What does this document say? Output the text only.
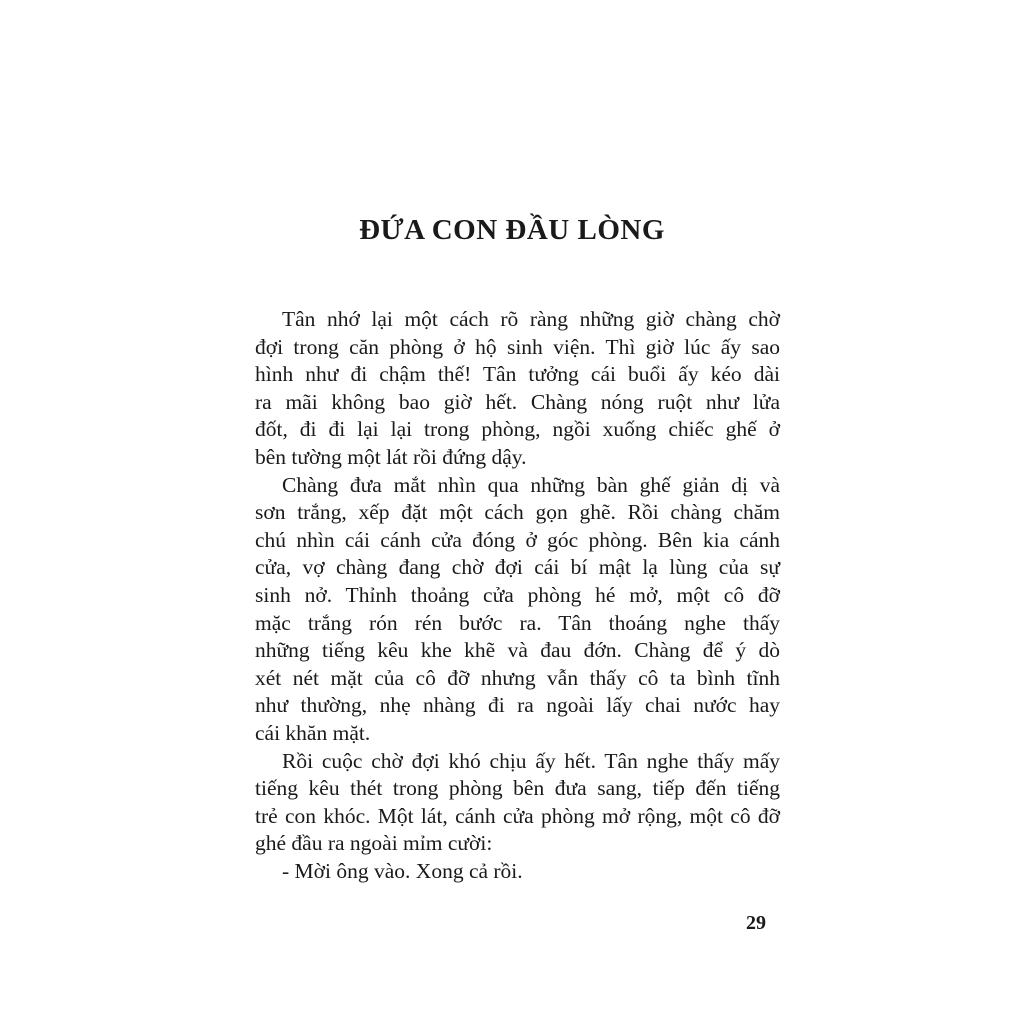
ĐỨA CON ĐẦU LÒNG

Tân nhớ lại một cách rõ ràng những giờ chàng chờ
đợi trong căn phòng ở hộ sinh viện. Thì giờ lúc ấy sao
hình như đi chậm thế! Tân tưởng cái buổi ấy kéo dài
ra mãi không bao giờ hết. Chàng nóng ruột như lửa
đốt, đi đi lại lại trong phòng, ngồi xuống chiếc ghế ở
bên tường một lát rồi đứng dậy.

Chàng đưa mắt nhìn qua những bàn ghế giản dị và
sơn trắng, xếp đặt một cách gọn ghẽ. Rồi chàng chăm
chú nhìn cái cánh cửa đóng ở góc phòng. Bên kia cánh
cửa, vợ chàng đang chờ đợi cái bí mật lạ lùng của sự
sinh nở. Thỉnh thoảng cửa phòng hé mở, một cô đỡ
mặc trắng rón rén bước ra. Tân thoáng nghe thấy
những tiếng kêu khe khẽ và đau đớn. Chàng để ý dò
xét nét mặt của cô đỡ nhưng vẫn thấy cô ta bình tĩnh
như thường, nhẹ nhàng đi ra ngoài lấy chai nước hay
cái khăn mặt.

Rồi cuộc chờ đợi khó chịu ấy hết. Tân nghe thấy mấy
tiếng kêu thét trong phòng bên đưa sang, tiếp đến tiếng
trẻ con khóc. Một lát, cánh cửa phòng mở rộng, một cô đỡ
ghé đầu ra ngoài mỉm cười:

- Mời ông vào. Xong cả rồi.

29
